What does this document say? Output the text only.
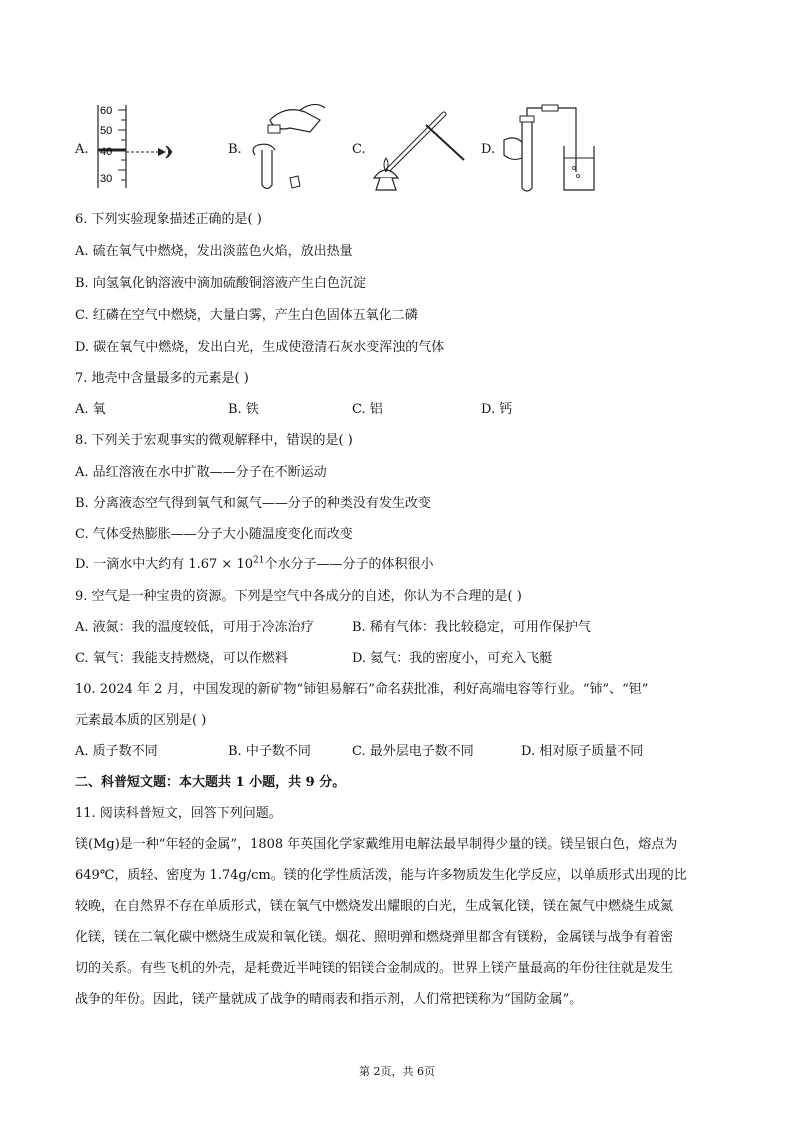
A.
60
50
40
30
B.	C.	D.
6. 下列实验现象描述正确的是( )
A. 硫在氧气中燃烧，发出淡蓝色火焰，放出热量
B. 向氢氧化钠溶液中滴加硫酸铜溶液产生白色沉淀
C. 红磷在空气中燃烧，大量白雾，产生白色固体五氧化二磷
D. 碳在氧气中燃烧，发出白光，生成使澄清石灰水变浑浊的气体
7. 地壳中含量最多的元素是( )
A. 氧	B. 铁	C. 铝	D. 钙
8. 下列关于宏观事实的微观解释中，错误的是( )
A. 品红溶液在水中扩散——分子在不断运动
B. 分离液态空气得到氧气和氮气——分子的种类没有发生改变
C. 气体受热膨胀——分子大小随温度变化而改变
D. 一滴水中大约有 $1.67 \times 10^{21}$个水分子——分子的体积很小
9. 空气是一种宝贵的资源。下列是空气中各成分的自述，你认为不合理的是( )
A. 液氮：我的温度较低，可用于冷冻治疗	B. 稀有气体：我比较稳定，可用作保护气
C. 氧气：我能支持燃烧，可以作燃料	D. 氦气：我的密度小，可充入飞艇
10. 2024 年 2 月，中国发现的新矿物“铈钽易解石”命名获批准，利好高端电容等行业。“铈”、“钽”
元素最本质的区别是( )
A. 质子数不同	B. 中子数不同	C. 最外层电子数不同	D. 相对原子质量不同
二、科普短文题：本大题共 1 小题，共 9 分。
11. 阅读科普短文，回答下列问题。
镁(Mg)是一种“年轻的金属”，1808 年英国化学家戴维用电解法最早制得少量的镁。镁呈银白色，熔点为
649℃，质轻、密度为 1.74g/cm。镁的化学性质活泼，能与许多物质发生化学反应，以单质形式出现的比
较晚，在自然界不存在单质形式，镁在氧气中燃烧发出耀眼的白光，生成氧化镁，镁在氮气中燃烧生成氮
化镁，镁在二氧化碳中燃烧生成炭和氧化镁。烟花、照明弹和燃烧弹里都含有镁粉，金属镁与战争有着密
切的关系。有些飞机的外壳，是耗费近半吨镁的铝镁合金制成的。世界上镁产量最高的年份往往就是发生
战争的年份。因此，镁产量就成了战争的晴雨表和指示剂，人们常把镁称为“国防金属”。
第 2页，共 6页
